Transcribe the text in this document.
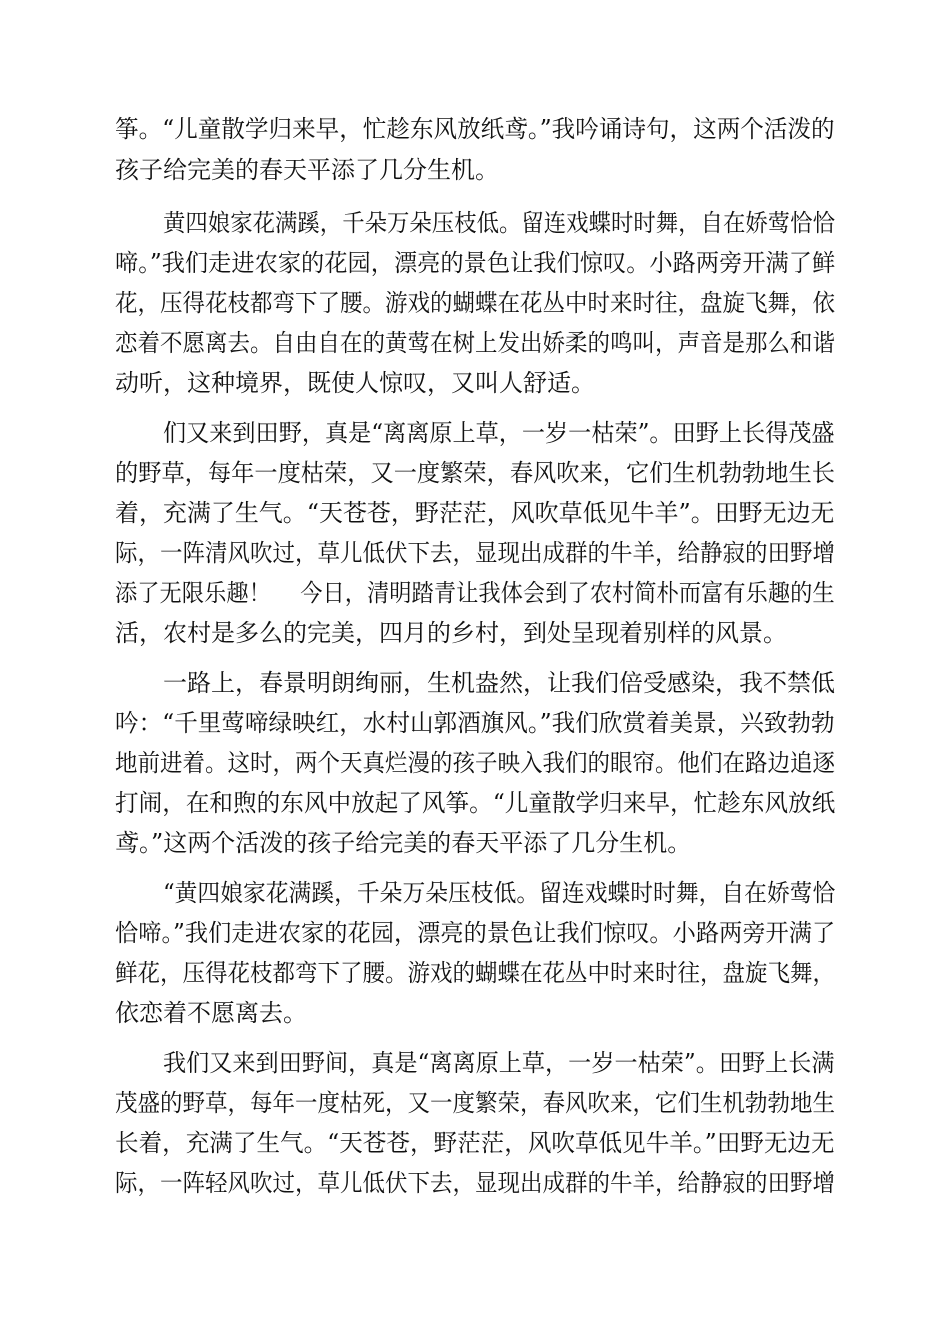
筝。“儿童散学归来早，忙趁东风放纸鸢。”我吟诵诗句，这两个活泼的

孩子给完美的春天平添了几分生机。

黄四娘家花满蹊，千朵万朵压枝低。留连戏蝶时时舞，自在娇莺恰恰

啼。”我们走进农家的花园，漂亮的景色让我们惊叹。小路两旁开满了鲜

花，压得花枝都弯下了腰。游戏的蝴蝶在花丛中时来时往，盘旋飞舞，依

恋着不愿离去。自由自在的黄莺在树上发出娇柔的鸣叫，声音是那么和谐

动听，这种境界，既使人惊叹，又叫人舒适。

们又来到田野，真是“离离原上草，一岁一枯荣”。田野上长得茂盛

的野草，每年一度枯荣，又一度繁荣，春风吹来，它们生机勃勃地生长

着，充满了生气。“天苍苍，野茫茫，风吹草低见牛羊”。田野无边无

际，一阵清风吹过，草儿低伏下去，显现出成群的牛羊，给静寂的田野增

添了无限乐趣！　 今日，清明踏青让我体会到了农村简朴而富有乐趣的生

活，农村是多么的完美，四月的乡村，到处呈现着别样的风景。

一路上，春景明朗绚丽，生机盎然，让我们倍受感染，我不禁低

吟：“千里莺啼绿映红，水村山郭酒旗风。”我们欣赏着美景，兴致勃勃

地前进着。这时，两个天真烂漫的孩子映入我们的眼帘。他们在路边追逐

打闹，在和煦的东风中放起了风筝。“儿童散学归来早，忙趁东风放纸

鸢。”这两个活泼的孩子给完美的春天平添了几分生机。

“黄四娘家花满蹊，千朵万朵压枝低。留连戏蝶时时舞，自在娇莺恰

恰啼。”我们走进农家的花园，漂亮的景色让我们惊叹。小路两旁开满了

鲜花，压得花枝都弯下了腰。游戏的蝴蝶在花丛中时来时往，盘旋飞舞，

依恋着不愿离去。

我们又来到田野间，真是“离离原上草，一岁一枯荣”。田野上长满

茂盛的野草，每年一度枯死，又一度繁荣，春风吹来，它们生机勃勃地生

长着，充满了生气。“天苍苍，野茫茫，风吹草低见牛羊。”田野无边无

际，一阵轻风吹过，草儿低伏下去，显现出成群的牛羊，给静寂的田野增
